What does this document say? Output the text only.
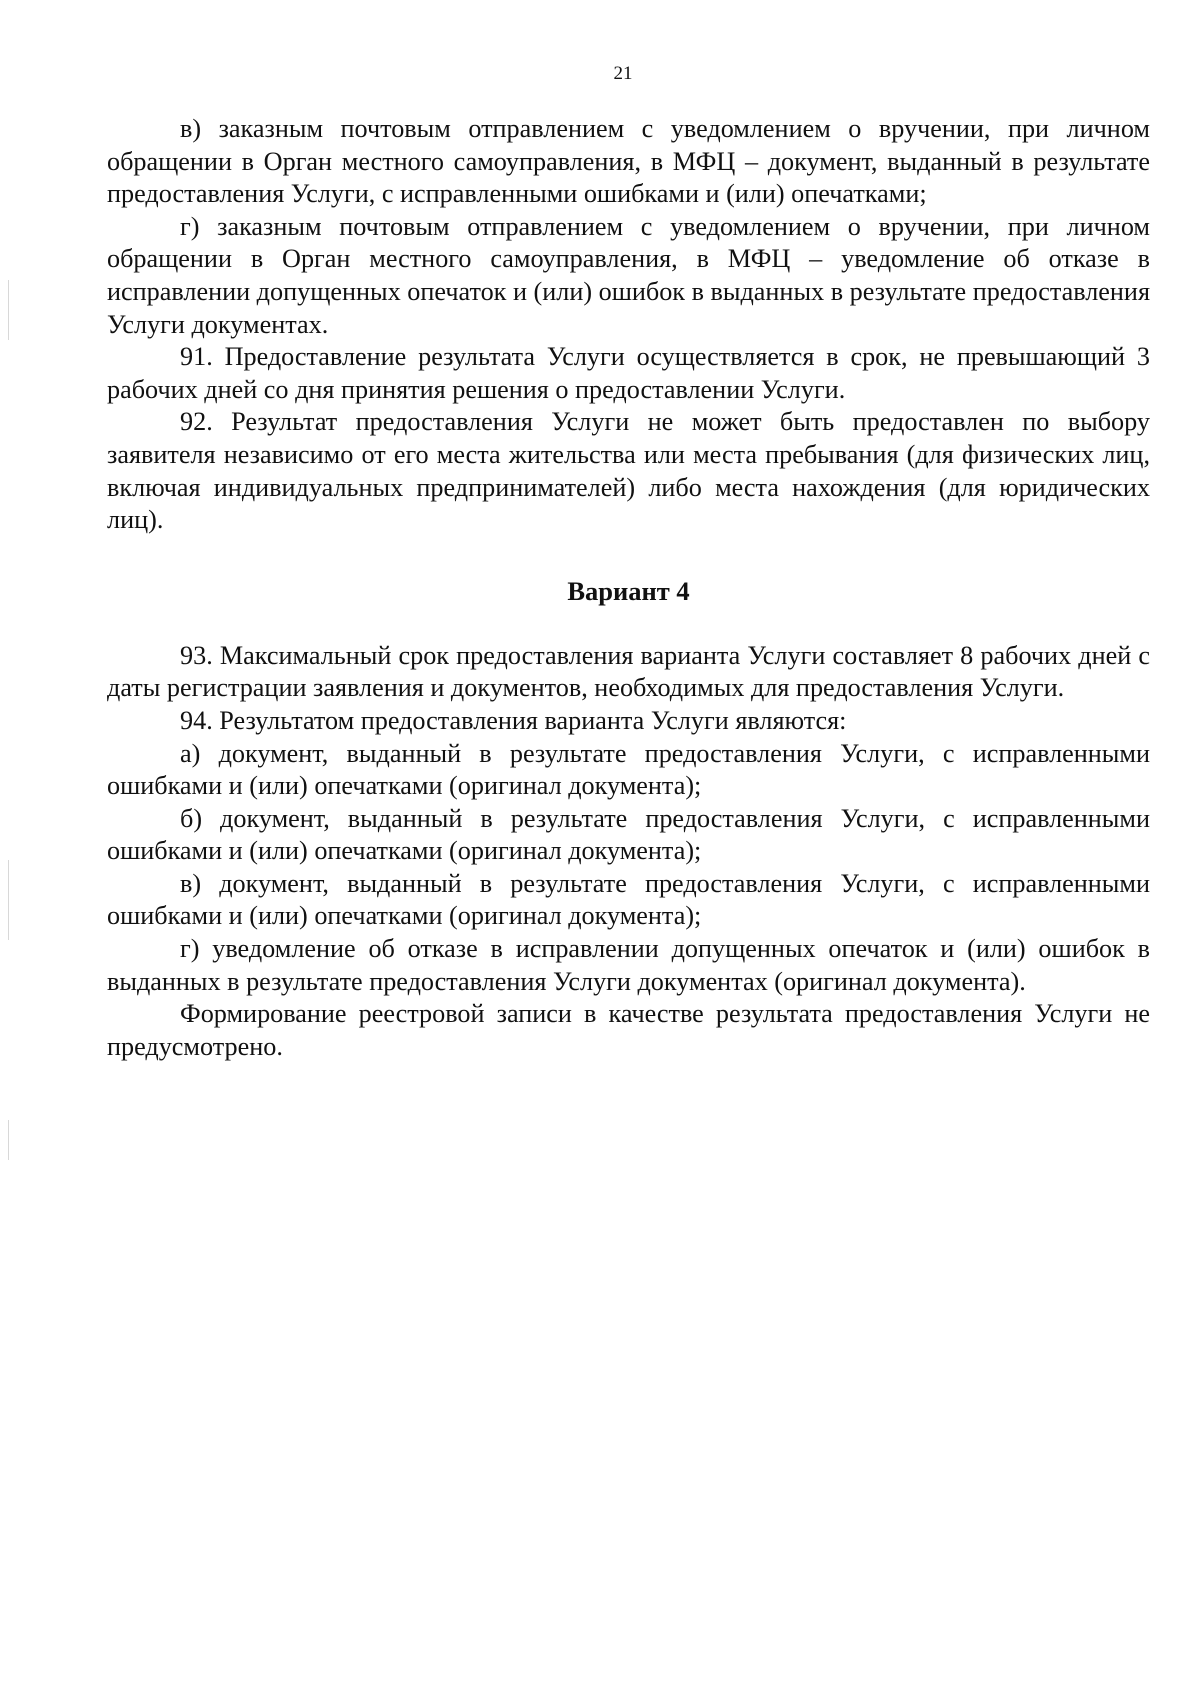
21

в) заказным почтовым отправлением с уведомлением о вручении, при личном обращении в Орган местного самоуправления, в МФЦ – документ, выданный в результате предоставления Услуги, с исправленными ошибками и (или) опечатками;

г) заказным почтовым отправлением с уведомлением о вручении, при личном обращении в Орган местного самоуправления, в МФЦ – уведомление об отказе в исправлении допущенных опечаток и (или) ошибок в выданных в результате предоставления Услуги документах.

91. Предоставление результата Услуги осуществляется в срок, не превышающий 3 рабочих дней со дня принятия решения о предоставлении Услуги.

92. Результат предоставления Услуги не может быть предоставлен по выбору заявителя независимо от его места жительства или места пребывания (для физических лиц, включая индивидуальных предпринимателей) либо места нахождения (для юридических лиц).

Вариант 4

93. Максимальный срок предоставления варианта Услуги составляет 8 рабочих дней с даты регистрации заявления и документов, необходимых для предоставления Услуги.

94. Результатом предоставления варианта Услуги являются:

а) документ, выданный в результате предоставления Услуги, с исправленными ошибками и (или) опечатками (оригинал документа);

б) документ, выданный в результате предоставления Услуги, с исправленными ошибками и (или) опечатками (оригинал документа);

в) документ, выданный в результате предоставления Услуги, с исправленными ошибками и (или) опечатками (оригинал документа);

г) уведомление об отказе в исправлении допущенных опечаток и (или) ошибок в выданных в результате предоставления Услуги документах (оригинал документа).

Формирование реестровой записи в качестве результата предоставления Услуги не предусмотрено.
